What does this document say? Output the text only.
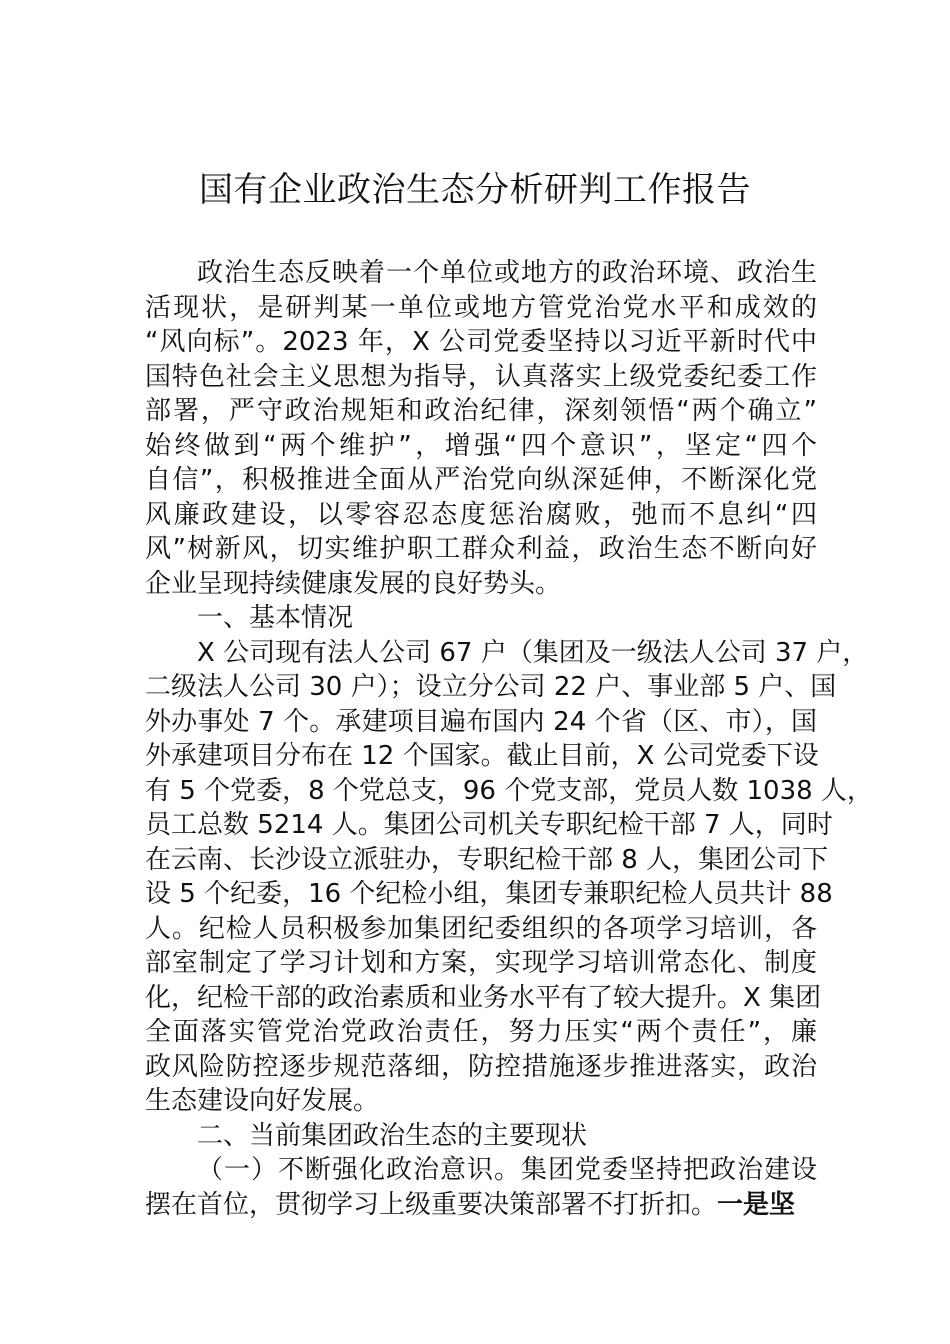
国有企业政治生态分析研判工作报告
政治生态反映着一个单位或地方的政治环境、政治生
活现状，是研判某一单位或地方管党治党水平和成效的
“风向标”。2023 年，X 公司党委坚持以习近平新时代中
国特色社会主义思想为指导，认真落实上级党委纪委工作
部署，严守政治规矩和政治纪律，深刻领悟“两个确立”
始终做到“两个维护”，增强“四个意识”，坚定“四个
自信”，积极推进全面从严治党向纵深延伸，不断深化党
风廉政建设，以零容忍态度惩治腐败，弛而不息纠“四
风”树新风，切实维护职工群众利益，政治生态不断向好
企业呈现持续健康发展的良好势头。
一、基本情况
X 公司现有法人公司 67 户（集团及一级法人公司 37 户，
二级法人公司 30 户）；设立分公司 22 户、事业部 5 户、国
外办事处 7 个。承建项目遍布国内 24 个省（区、市），国
外承建项目分布在 12 个国家。截止目前，X 公司党委下设
有 5 个党委，8 个党总支，96 个党支部，党员人数 1038 人，
员工总数 5214 人。集团公司机关专职纪检干部 7 人，同时
在云南、长沙设立派驻办，专职纪检干部 8 人，集团公司下
设 5 个纪委，16 个纪检小组，集团专兼职纪检人员共计 88
人。纪检人员积极参加集团纪委组织的各项学习培训，各
部室制定了学习计划和方案，实现学习培训常态化、制度
化，纪检干部的政治素质和业务水平有了较大提升。X 集团
全面落实管党治党政治责任，努力压实“两个责任”，廉
政风险防控逐步规范落细，防控措施逐步推进落实，政治
生态建设向好发展。
二、当前集团政治生态的主要现状
（一）不断强化政治意识。集团党委坚持把政治建设
摆在首位，贯彻学习上级重要决策部署不打折扣。一是坚
